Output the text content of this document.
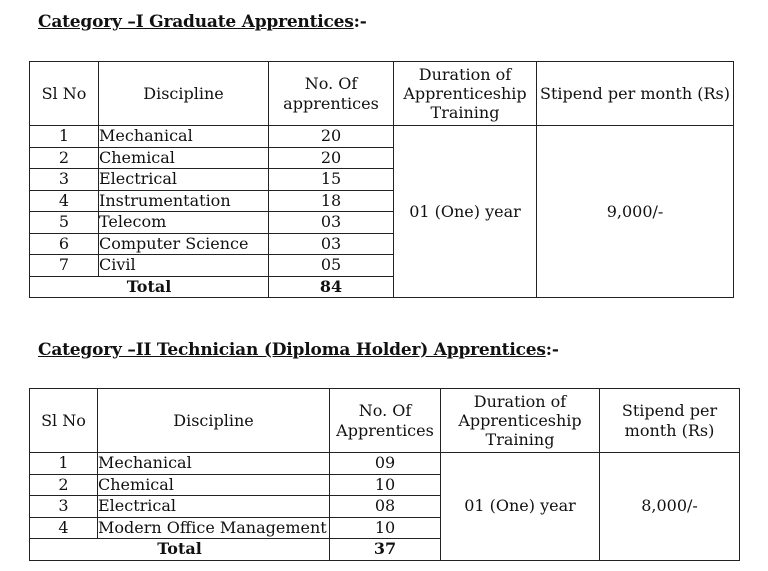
Category –I Graduate Apprentices:-
Sl No	Discipline	No. Of apprentices	Duration of Apprenticeship Training	Stipend per month (Rs)
1	Mechanical	20	01 (One) year	9,000/-
2	Chemical	20		
3	Electrical	15		
4	Instrumentation	18		
5	Telecom	03		
6	Computer Science	03		
7	Civil	05		
Total		84		
Category –II Technician (Diploma Holder) Apprentices:-
Sl No	Discipline	No. Of Apprentices	Duration of Apprenticeship Training	Stipend per month (Rs)
1	Mechanical	09	01 (One) year	8,000/-
2	Chemical	10		
3	Electrical	08		
4	Modern Office Management	10		
Total		37		
